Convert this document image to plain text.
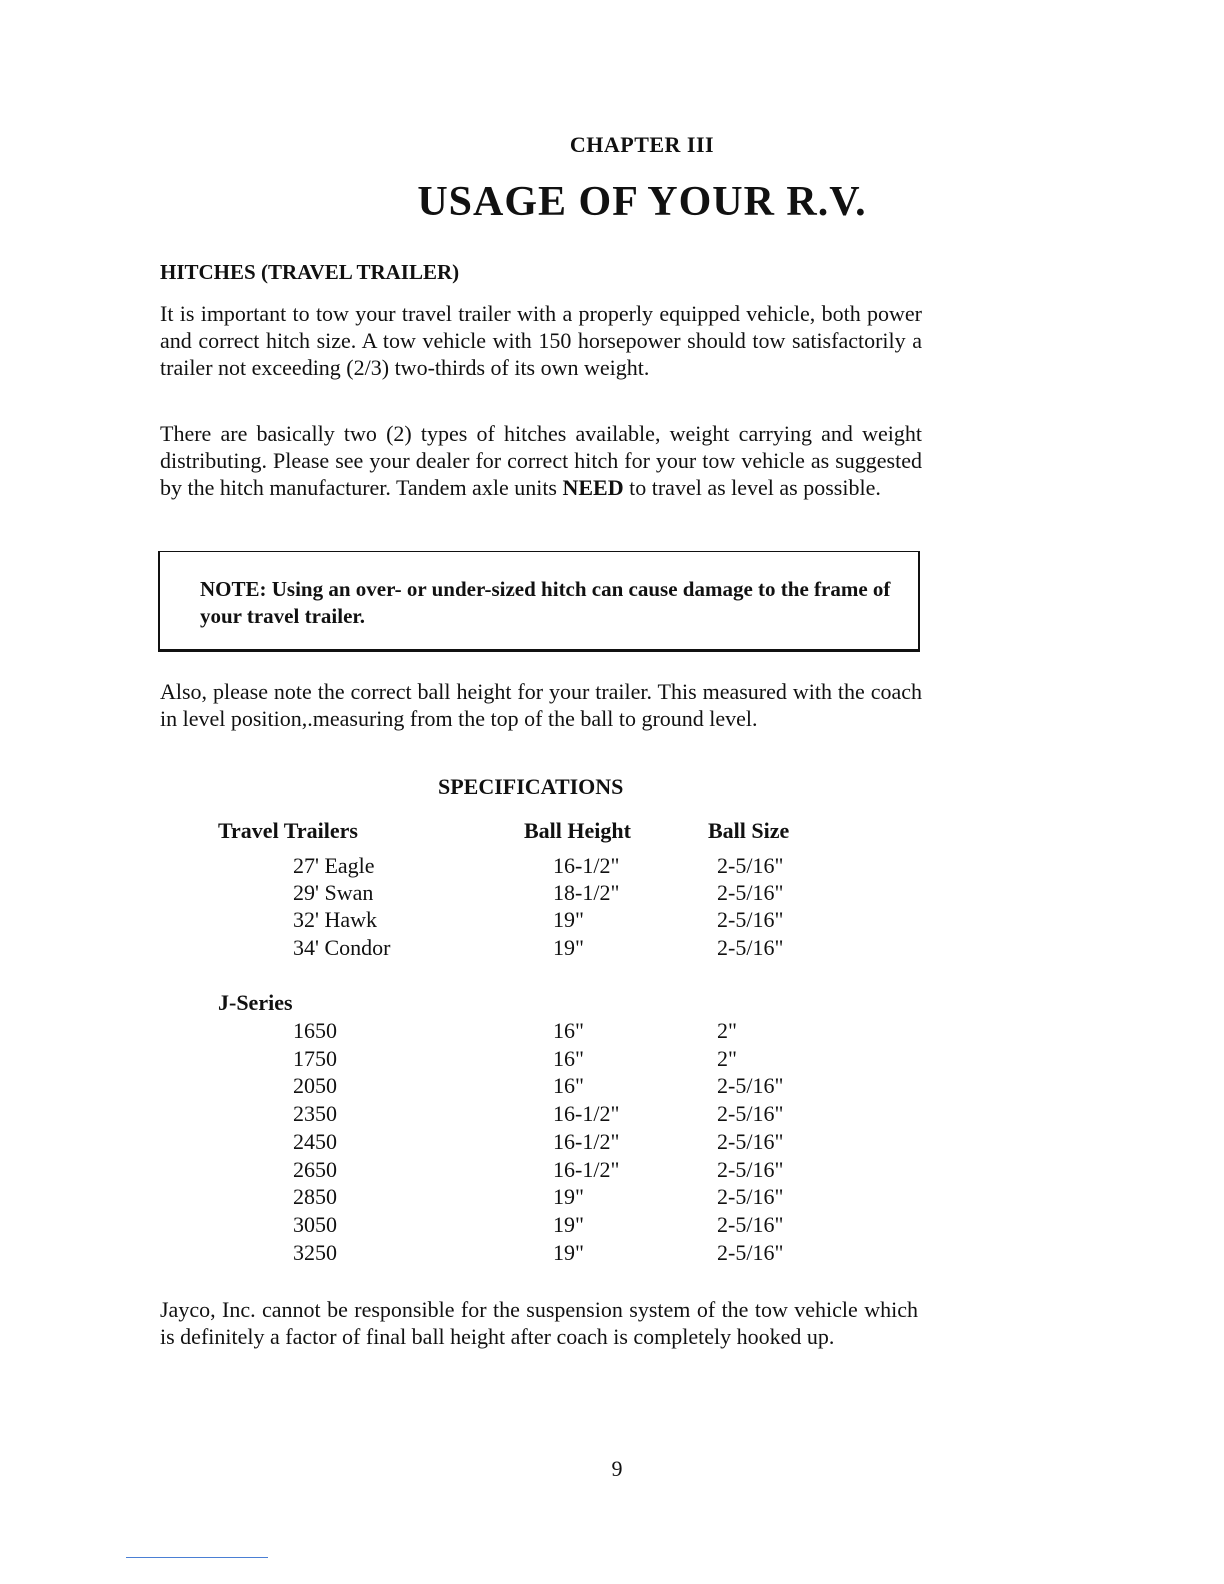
CHAPTER III
USAGE OF YOUR R.V.
HITCHES (TRAVEL TRAILER)

It is important to tow your travel trailer with a properly equipped vehicle, both power and correct hitch size. A tow vehicle with 150 horsepower should tow satisfactorily a trailer not exceeding (2/3) two-thirds of its own weight.

There are basically two (2) types of hitches available, weight carrying and weight distributing. Please see your dealer for correct hitch for your tow vehicle as suggested by the hitch manufacturer. Tandem axle units NEED to travel as level as possible.

NOTE: Using an over- or under-sized hitch can cause damage to the frame of your travel trailer.

Also, please note the correct ball height for your trailer. This measured with the coach in level position,.measuring from the top of the ball to ground level.

SPECIFICATIONS
Travel Trailers	Ball Height	Ball Size
27' Eagle	16-1/2"	2-5/16"
29' Swan	18-1/2"	2-5/16"
32' Hawk	19"	2-5/16"
34' Condor	19"	2-5/16"
J-Series
1650	16"	2"
1750	16"	2"
2050	16"	2-5/16"
2350	16-1/2"	2-5/16"
2450	16-1/2"	2-5/16"
2650	16-1/2"	2-5/16"
2850	19"	2-5/16"
3050	19"	2-5/16"
3250	19"	2-5/16"

Jayco, Inc. cannot be responsible for the suspension system of the tow vehicle which is definitely a factor of final ball height after coach is completely hooked up.

9
